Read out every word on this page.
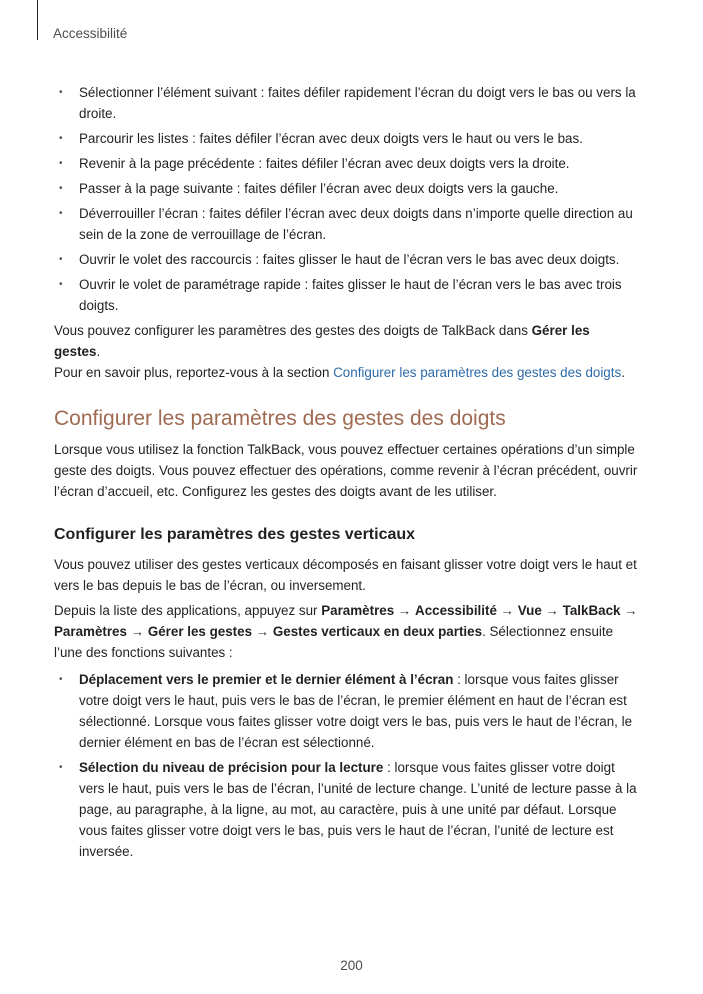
Accessibilité
• Sélectionner l’élément suivant : faites défiler rapidement l’écran du doigt vers le bas ou vers la droite.
• Parcourir les listes : faites défiler l’écran avec deux doigts vers le haut ou vers le bas.
• Revenir à la page précédente : faites défiler l’écran avec deux doigts vers la droite.
• Passer à la page suivante : faites défiler l’écran avec deux doigts vers la gauche.
• Déverrouiller l’écran : faites défiler l’écran avec deux doigts dans n’importe quelle direction au sein de la zone de verrouillage de l’écran.
• Ouvrir le volet des raccourcis : faites glisser le haut de l’écran vers le bas avec deux doigts.
• Ouvrir le volet de paramétrage rapide : faites glisser le haut de l’écran vers le bas avec trois doigts.

Vous pouvez configurer les paramètres des gestes des doigts de TalkBack dans Gérer les gestes.
Pour en savoir plus, reportez-vous à la section Configurer les paramètres des gestes des doigts.

Configurer les paramètres des gestes des doigts

Lorsque vous utilisez la fonction TalkBack, vous pouvez effectuer certaines opérations d’un simple geste des doigts. Vous pouvez effectuer des opérations, comme revenir à l’écran précédent, ouvrir l’écran d’accueil, etc. Configurez les gestes des doigts avant de les utiliser.

Configurer les paramètres des gestes verticaux

Vous pouvez utiliser des gestes verticaux décomposés en faisant glisser votre doigt vers le haut et vers le bas depuis le bas de l’écran, ou inversement.

Depuis la liste des applications, appuyez sur Paramètres → Accessibilité → Vue → TalkBack → Paramètres → Gérer les gestes → Gestes verticaux en deux parties. Sélectionnez ensuite l’une des fonctions suivantes :

• Déplacement vers le premier et le dernier élément à l’écran : lorsque vous faites glisser votre doigt vers le haut, puis vers le bas de l’écran, le premier élément en haut de l’écran est sélectionné. Lorsque vous faites glisser votre doigt vers le bas, puis vers le haut de l’écran, le dernier élément en bas de l’écran est sélectionné.
• Sélection du niveau de précision pour la lecture : lorsque vous faites glisser votre doigt vers le haut, puis vers le bas de l’écran, l’unité de lecture change. L’unité de lecture passe à la page, au paragraphe, à la ligne, au mot, au caractère, puis à une unité par défaut. Lorsque vous faites glisser votre doigt vers le bas, puis vers le haut de l’écran, l’unité de lecture est inversée.
200
